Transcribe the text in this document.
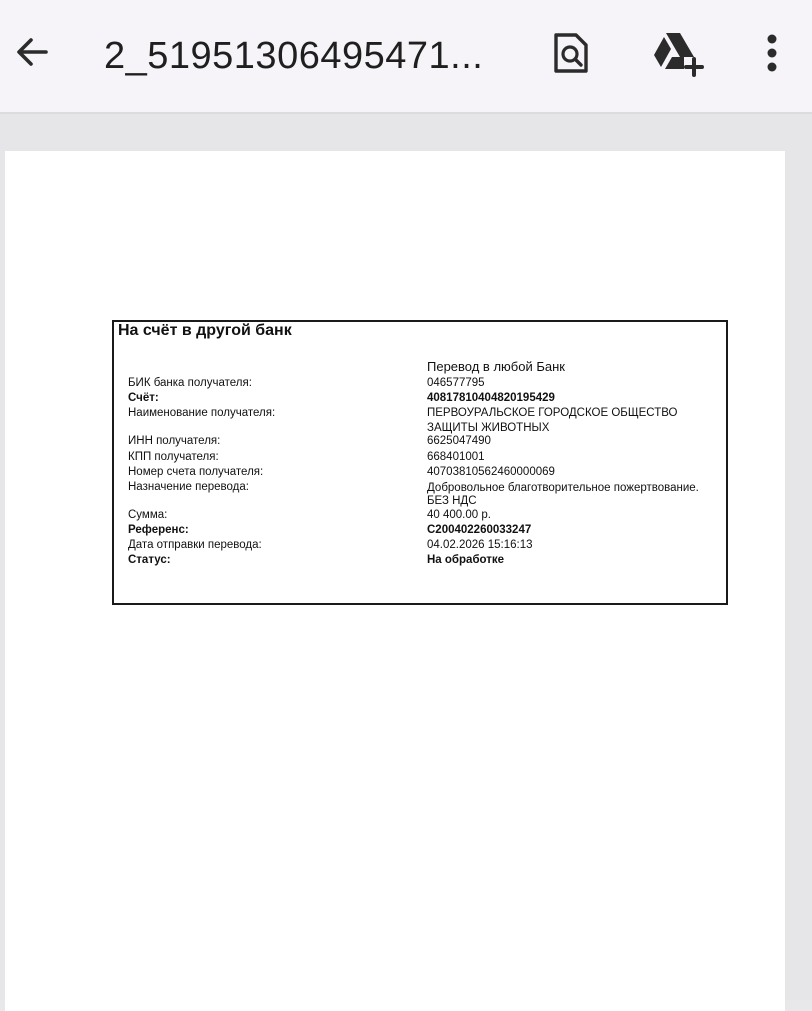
2_51951306495471...
На счёт в другой банк
Перевод в любой Банк
БИК банка получателя:	046577795
Счёт:	40817810404820195429
Наименование получателя:	ПЕРВОУРАЛЬСКОЕ ГОРОДСКОЕ ОБЩЕСТВО
ЗАЩИТЫ ЖИВОТНЫХ
ИНН получателя:	6625047490
КПП получателя:	668401001
Номер счета получателя:	40703810562460000069
Назначение перевода:	Добровольное благотворительное пожертвование.
БЕЗ НДС
Сумма:	40 400.00 р.
Референс:	C200402260033247
Дата отправки перевода:	04.02.2026 15:16:13
Статус:	На обработке
